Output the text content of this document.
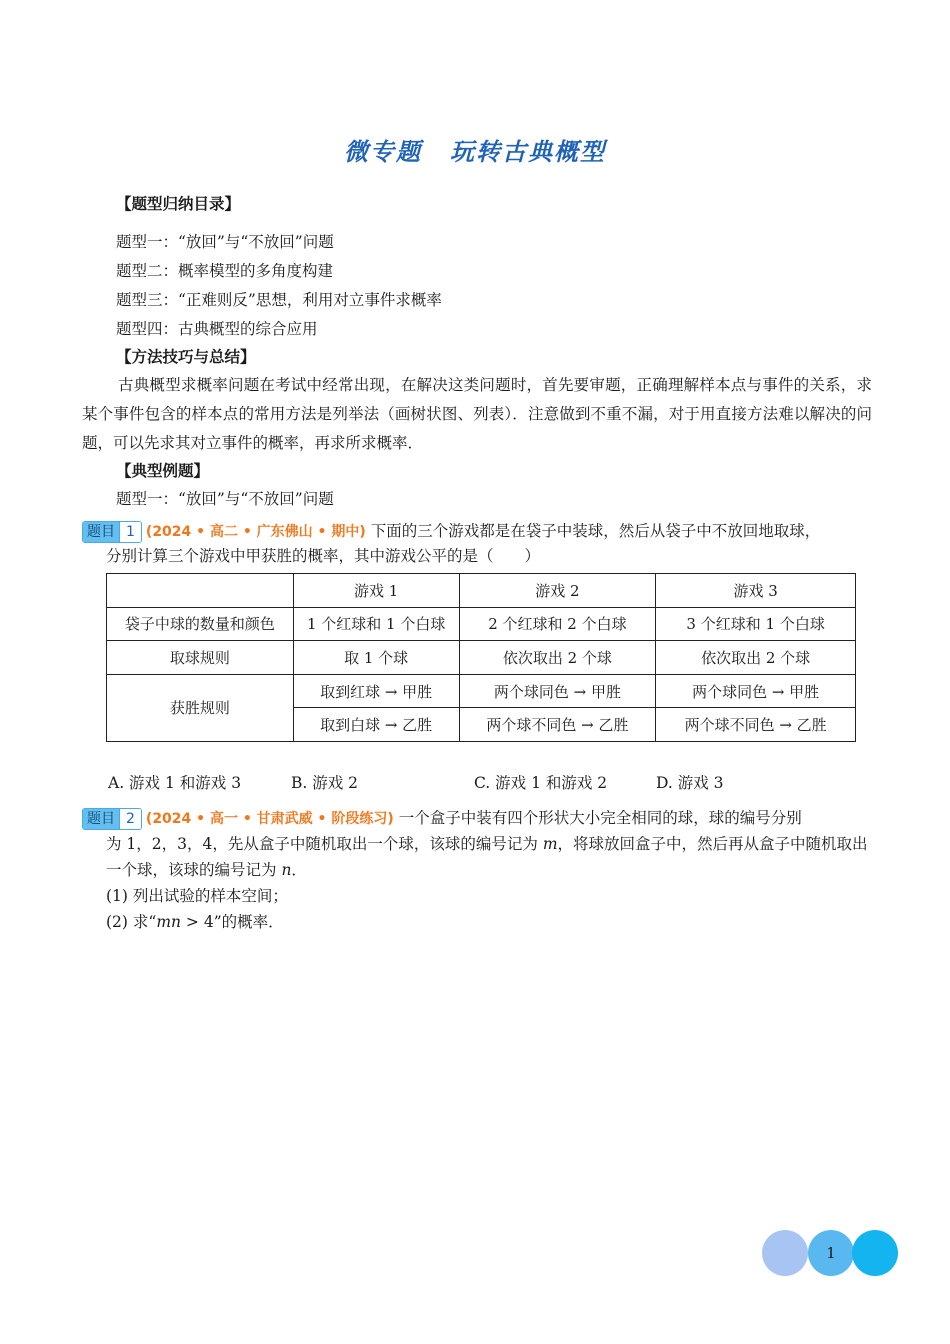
微专题 玩转古典概型
【题型归纳目录】
题型一：“放回”与“不放回”问题
题型二：概率模型的多角度构建
题型三：“正难则反”思想，利用对立事件求概率
题型四：古典概型的综合应用
【方法技巧与总结】
古典概型求概率问题在考试中经常出现，在解决这类问题时，首先要审题，正确理解样本点与事件的关系，求某个事件包含的样本点的常用方法是列举法（画树状图、列表）．注意做到不重不漏，对于用直接方法难以解决的问题，可以先求其对立事件的概率，再求所求概率．
【典型例题】
题型一：“放回”与“不放回”问题
题目 1 (2024 • 高二 • 广东佛山 • 期中) 下面的三个游戏都是在袋子中装球，然后从袋子中不放回地取球，
分别计算三个游戏中甲获胜的概率，其中游戏公平的是（　　）
	游戏 1	游戏 2	游戏 3
袋子中球的数量和颜色	1 个红球和 1 个白球	2 个红球和 2 个白球	3 个红球和 1 个白球
取球规则	取 1 个球	依次取出 2 个球	依次取出 2 个球
获胜规则	取到红球 → 甲胜	两个球同色 → 甲胜	两个球同色 → 甲胜
	取到白球 → 乙胜	两个球不同色 → 乙胜	两个球不同色 → 乙胜
A. 游戏 1 和游戏 3	B. 游戏 2	C. 游戏 1 和游戏 2	D. 游戏 3
题目 2 (2024 • 高一 • 甘肃武威 • 阶段练习) 一个盒子中装有四个形状大小完全相同的球，球的编号分别
为 1，2，3，4，先从盒子中随机取出一个球，该球的编号记为 m，将球放回盒子中，然后再从盒子中随机取出
一个球，该球的编号记为 n．
(1) 列出试验的样本空间；
(2) 求“mn > 4”的概率．
1
